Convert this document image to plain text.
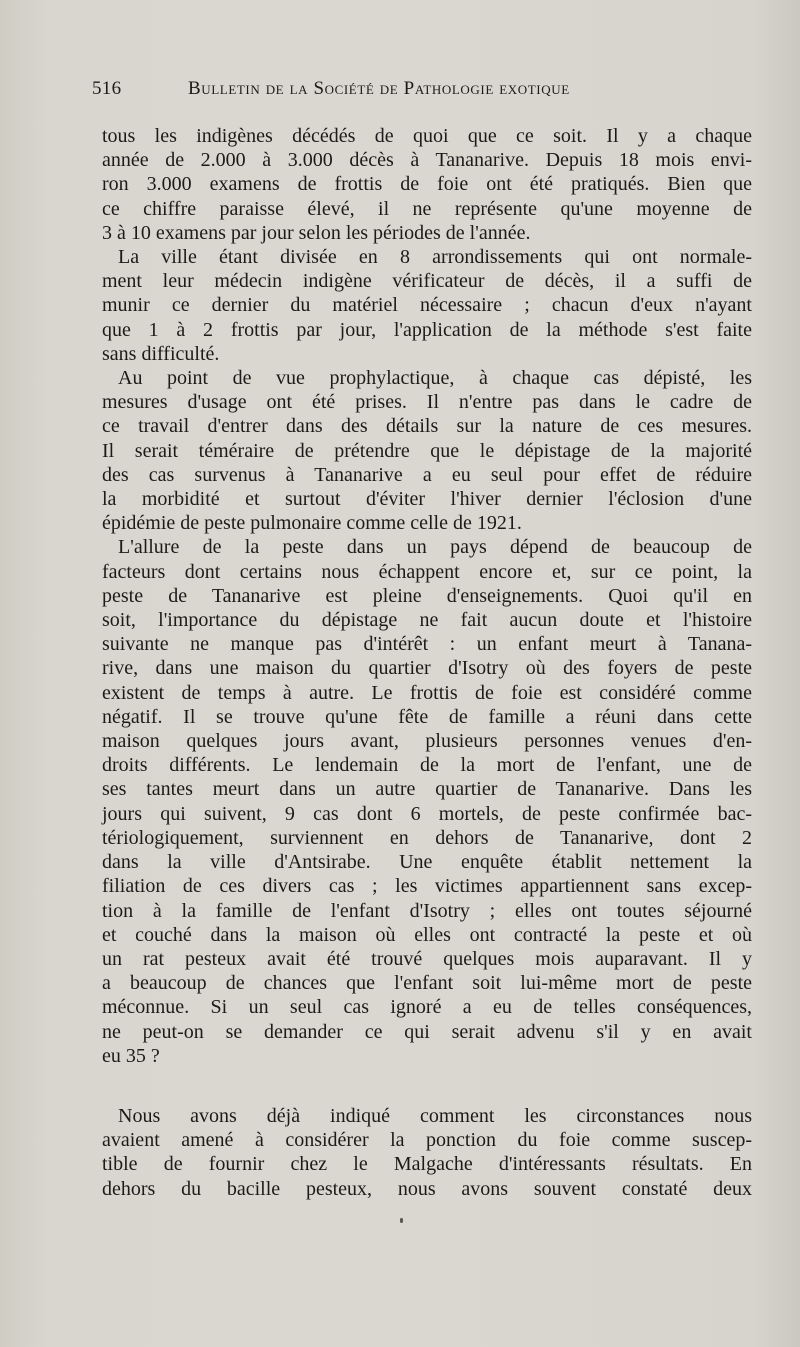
516	Bulletin de la Société de Pathologie exotique

tous les indigènes décédés de quoi que ce soit. Il y a chaque
année de 2.000 à 3.000 décès à Tananarive. Depuis 18 mois envi-
ron 3.000 examens de frottis de foie ont été pratiqués. Bien que
ce chiffre paraisse élevé, il ne représente qu'une moyenne de
3 à 10 examens par jour selon les périodes de l'année.

La ville étant divisée en 8 arrondissements qui ont normale-
ment leur médecin indigène vérificateur de décès, il a suffi de
munir ce dernier du matériel nécessaire ; chacun d'eux n'ayant
que 1 à 2 frottis par jour, l'application de la méthode s'est faite
sans difficulté.

Au point de vue prophylactique, à chaque cas dépisté, les
mesures d'usage ont été prises. Il n'entre pas dans le cadre de
ce travail d'entrer dans des détails sur la nature de ces mesures.
Il serait téméraire de prétendre que le dépistage de la majorité
des cas survenus à Tananarive a eu seul pour effet de réduire
la morbidité et surtout d'éviter l'hiver dernier l'éclosion d'une
épidémie de peste pulmonaire comme celle de 1921.

L'allure de la peste dans un pays dépend de beaucoup de
facteurs dont certains nous échappent encore et, sur ce point, la
peste de Tananarive est pleine d'enseignements. Quoi qu'il en
soit, l'importance du dépistage ne fait aucun doute et l'histoire
suivante ne manque pas d'intérêt : un enfant meurt à Tanana-
rive, dans une maison du quartier d'Isotry où des foyers de peste
existent de temps à autre. Le frottis de foie est considéré comme
négatif. Il se trouve qu'une fête de famille a réuni dans cette
maison quelques jours avant, plusieurs personnes venues d'en-
droits différents. Le lendemain de la mort de l'enfant, une de
ses tantes meurt dans un autre quartier de Tananarive. Dans les
jours qui suivent, 9 cas dont 6 mortels, de peste confirmée bac-
tériologiquement, surviennent en dehors de Tananarive, dont 2
dans la ville d'Antsirabe. Une enquête établit nettement la
filiation de ces divers cas ; les victimes appartiennent sans excep-
tion à la famille de l'enfant d'Isotry ; elles ont toutes séjourné
et couché dans la maison où elles ont contracté la peste et où
un rat pesteux avait été trouvé quelques mois auparavant. Il y
a beaucoup de chances que l'enfant soit lui-même mort de peste
méconnue. Si un seul cas ignoré a eu de telles conséquences,
ne peut-on se demander ce qui serait advenu s'il y en avait
eu 35 ?

Nous avons déjà indiqué comment les circonstances nous
avaient amené à considérer la ponction du foie comme suscep-
tible de fournir chez le Malgache d'intéressants résultats. En
dehors du bacille pesteux, nous avons souvent constaté deux
